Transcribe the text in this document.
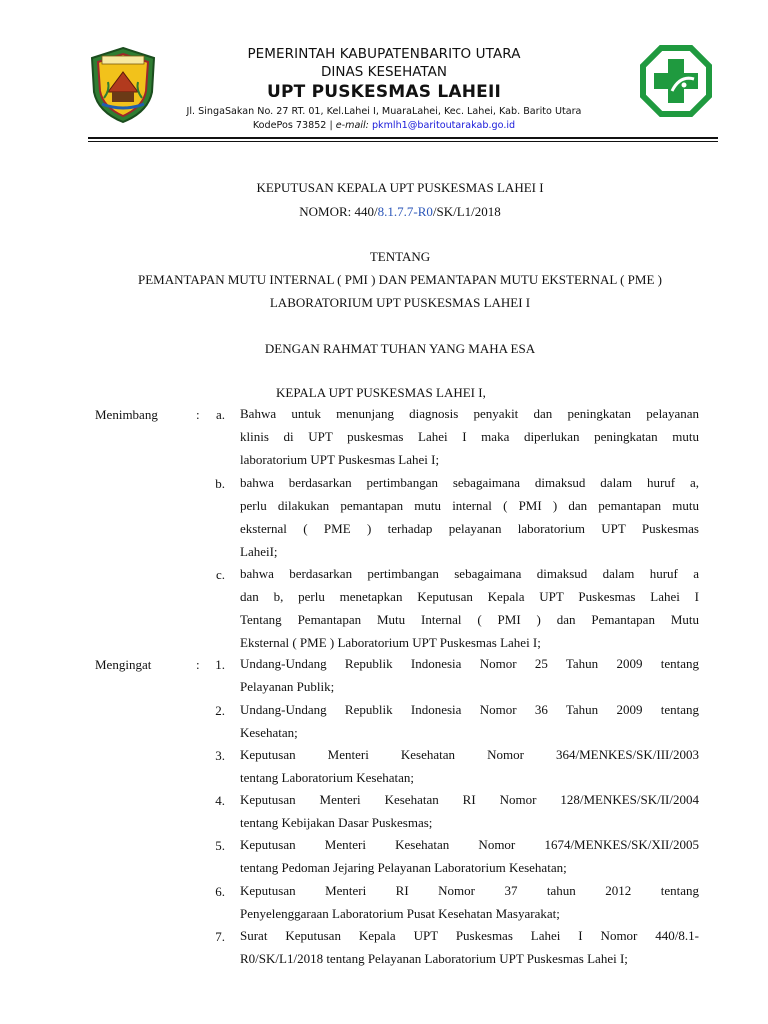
PEMERINTAH KABUPATENBARITO UTARA
DINAS KESEHATAN
UPT PUSKESMAS LAHEII
Jl. SingaSakan No. 27 RT. 01, Kel.Lahei I, MuaraLahei, Kec. Lahei, Kab. Barito Utara
KodePos 73852 | e-mail: pkmlh1@baritoutarakab.go.id
KEPUTUSAN KEPALA UPT PUSKESMAS LAHEI I
NOMOR: 440/8.1.7.7-R0/SK/L1/2018
TENTANG
PEMANTAPAN MUTU INTERNAL ( PMI ) DAN PEMANTAPAN MUTU EKSTERNAL ( PME )
LABORATORIUM UPT PUSKESMAS LAHEI I
DENGAN RAHMAT TUHAN YANG MAHA ESA
KEPALA UPT PUSKESMAS LAHEI I,
Menimbang	:	a. Bahwa untuk menunjang diagnosis penyakit dan peningkatan pelayanan
klinis di UPT puskesmas Lahei I maka diperlukan peningkatan mutu
laboratorium UPT Puskesmas Lahei I;
b. bahwa berdasarkan pertimbangan sebagaimana dimaksud dalam huruf a,
perlu dilakukan pemantapan mutu internal ( PMI ) dan pemantapan mutu
eksternal ( PME ) terhadap pelayanan laboratorium UPT Puskesmas
LaheiI;
c. bahwa berdasarkan pertimbangan sebagaimana dimaksud dalam huruf a
dan b, perlu menetapkan Keputusan Kepala UPT Puskesmas Lahei I
Tentang Pemantapan Mutu Internal ( PMI ) dan Pemantapan Mutu
Eksternal ( PME ) Laboratorium UPT Puskesmas Lahei I;
Mengingat	:	1. Undang-Undang Republik Indonesia Nomor 25 Tahun 2009 tentang
Pelayanan Publik;
2. Undang-Undang Republik Indonesia Nomor 36 Tahun 2009 tentang
Kesehatan;
3. Keputusan Menteri Kesehatan Nomor 364/MENKES/SK/III/2003
tentang Laboratorium Kesehatan;
4. Keputusan Menteri Kesehatan RI Nomor 128/MENKES/SK/II/2004
tentang Kebijakan Dasar Puskesmas;
5. Keputusan Menteri Kesehatan Nomor 1674/MENKES/SK/XII/2005
tentang Pedoman Jejaring Pelayanan Laboratorium Kesehatan;
6. Keputusan Menteri RI Nomor 37 tahun 2012 tentang
Penyelenggaraan Laboratorium Pusat Kesehatan Masyarakat;
7. Surat Keputusan Kepala UPT Puskesmas Lahei I Nomor 440/8.1-
R0/SK/L1/2018 tentang Pelayanan Laboratorium UPT Puskesmas Lahei I;
